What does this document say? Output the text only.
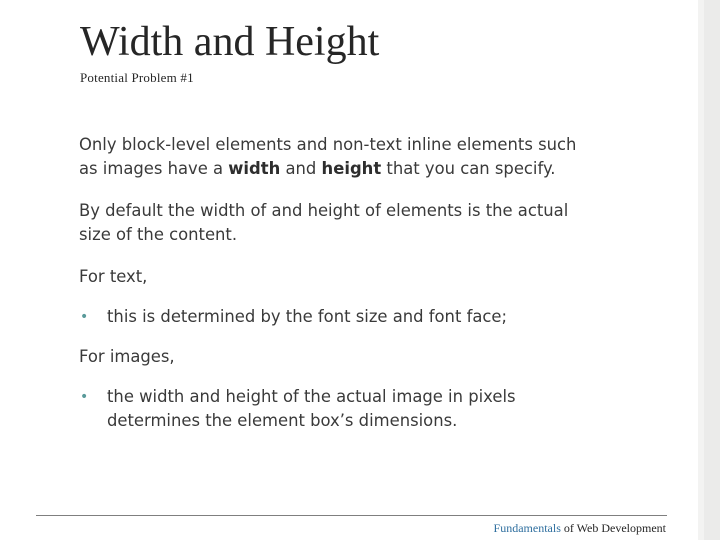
Width and Height
Potential Problem #1

Only block-level elements and non-text inline elements such as images have a width and height that you can specify.

By default the width of and height of elements is the actual size of the content.

For text,

•	this is determined by the font size and font face;

For images,

•	the width and height of the actual image in pixels determines the element box’s dimensions.
Fundamentals of Web Development
